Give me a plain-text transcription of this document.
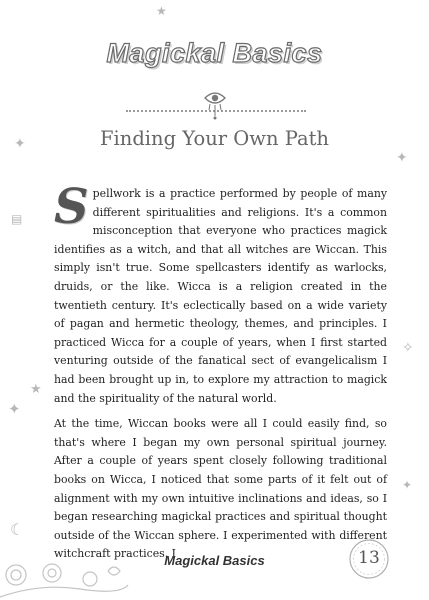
★
✦
✦
▤
✧
★
✦
✦
☾
Magickal Basics
Finding Your Own Path

Spellwork is a practice performed by people of many different spiritualities and religions. It's a common misconception that everyone who practices magick identifies as a witch, and that all witches are Wiccan. This simply isn't true. Some spellcasters identify as warlocks, druids, or the like. Wicca is a religion created in the twentieth century. It's eclectically based on a wide variety of pagan and hermetic theology, themes, and principles. I practiced Wicca for a couple of years, when I first started venturing outside of the fanatical sect of evangelicalism I had been brought up in, to explore my attraction to magick and the spirituality of the natural world.

At the time, Wiccan books were all I could easily find, so that's where I began my own personal spiritual journey. After a couple of years spent closely following traditional books on Wicca, I noticed that some parts of it felt out of alignment with my own intuitive inclinations and ideas, so I began researching magickal practices and spiritual thought outside of the Wiccan sphere. I experimented with different witchcraft practices. I

Magickal Basics	13
